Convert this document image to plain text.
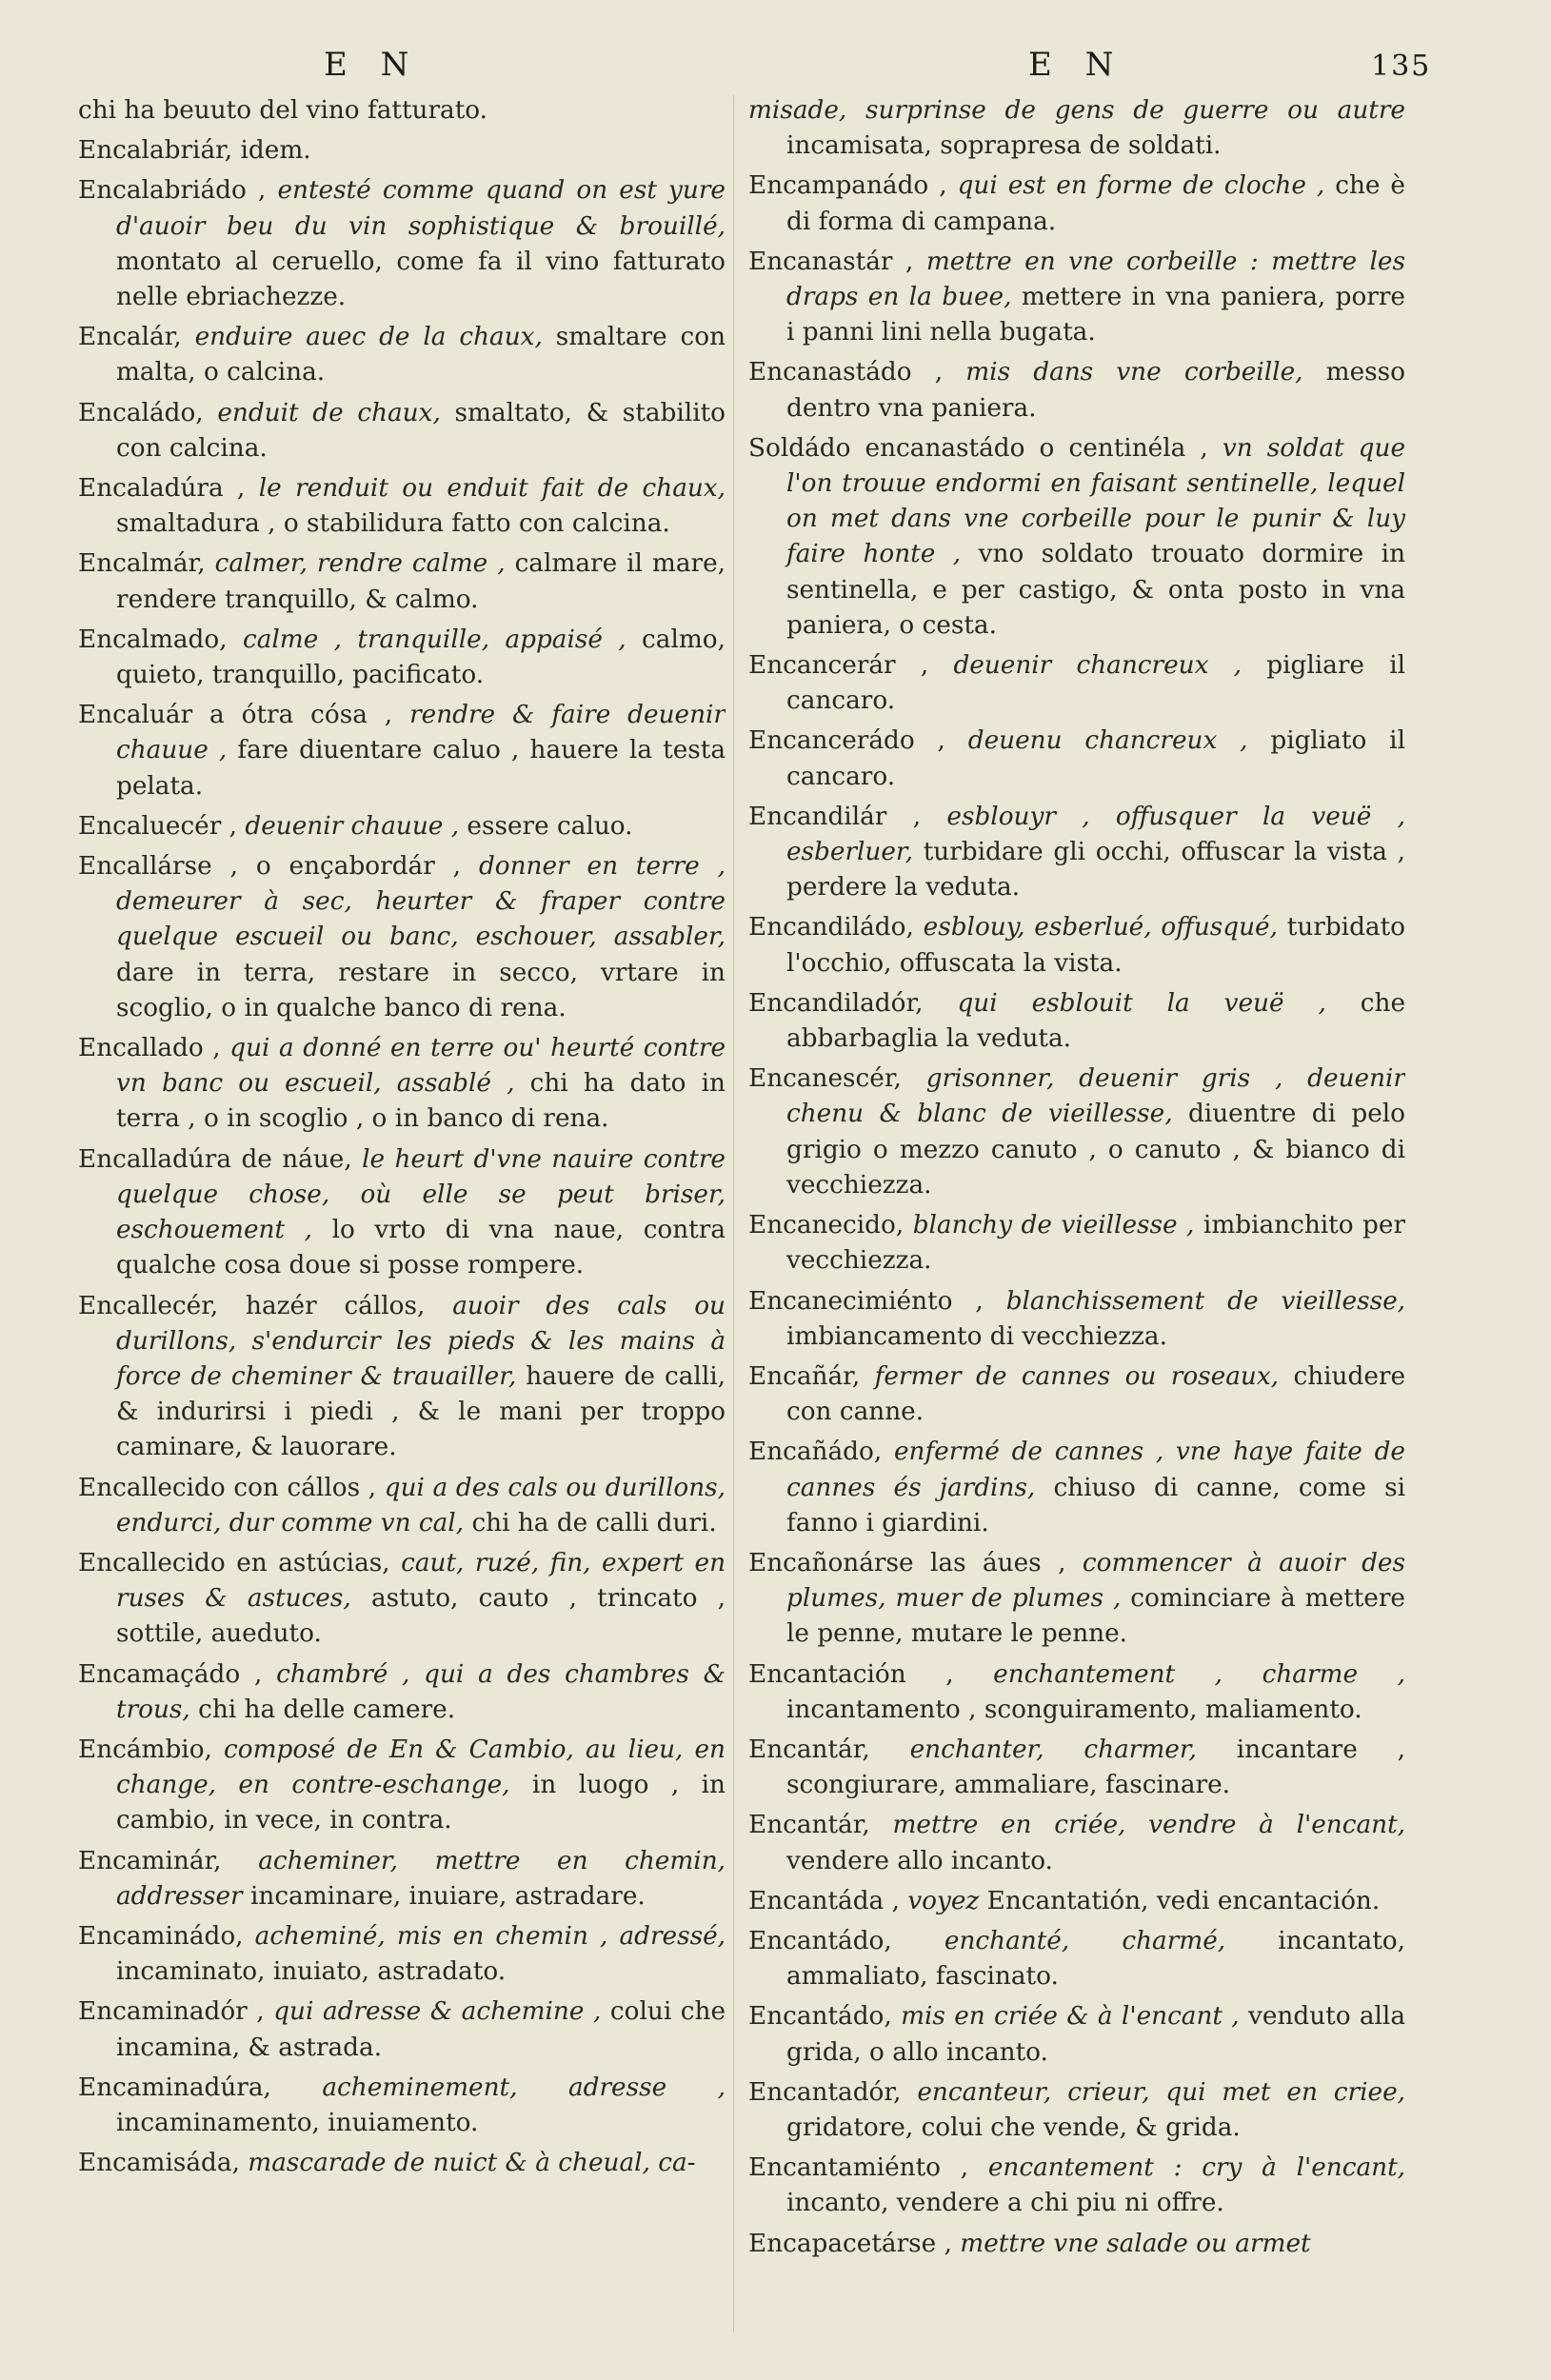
E N	E N	135

chi ha beuuto del vino fatturato.

Encalabriár, idem.

Encalabriádo , entesté comme quand on est yure d'auoir beu du vin sophistique & brouillé, montato al ceruello, come fa il vino fatturato nelle ebriachezze.

Encalár, enduire auec de la chaux, smaltare con malta, o calcina.

Encaládo, enduit de chaux, smaltato, & stabilito con calcina.

Encaladúra , le renduit ou enduit fait de chaux, smaltadura , o stabilidura fatto con calcina.

Encalmár, calmer, rendre calme , calmare il mare, rendere tranquillo, & calmo.

Encalmado, calme , tranquille, appaisé , calmo, quieto, tranquillo, pacificato.

Encaluár a ótra cósa , rendre & faire deuenir chauue , fare diuentare caluo , hauere la testa pelata.

Encaluecér , deuenir chauue , essere caluo.

Encallárse , o ençabordár , donner en terre , demeurer à sec, heurter & fraper contre quelque escueil ou banc, eschouer, assabler, dare in terra, restare in secco, vrtare in scoglio, o in qualche banco di rena.

Encallado , qui a donné en terre ou' heurté contre vn banc ou escueil, assablé , chi ha dato in terra , o in scoglio , o in banco di rena.

Encalladúra de náue, le heurt d'vne nauire contre quelque chose, où elle se peut briser, eschouement , lo vrto di vna naue, contra qualche cosa doue si posse rompere.

Encallecér, hazér cállos, auoir des cals ou durillons, s'endurcir les pieds & les mains à force de cheminer & trauailler, hauere de calli, & indurirsi i piedi , & le mani per troppo caminare, & lauorare.

Encallecido con cállos , qui a des cals ou durillons, endurci, dur comme vn cal, chi ha de calli duri.

Encallecido en astúcias, caut, ruzé, fin, expert en ruses & astuces, astuto, cauto , trincato , sottile, aueduto.

Encamaçádo , chambré , qui a des chambres & trous, chi ha delle camere.

Encámbio, composé de En & Cambio, au lieu, en change, en contre-eschange, in luogo , in cambio, in vece, in contra.

Encaminár, acheminer, mettre en chemin, addresser incaminare, inuiare, astradare.

Encaminádo, acheminé, mis en chemin , adressé, incaminato, inuiato, astradato.

Encaminadór , qui adresse & achemine , colui che incamina, & astrada.

Encaminadúra, acheminement, adresse , incaminamento, inuiamento.

Encamisáda, mascarade de nuict & à cheual, ca-

misade, surprinse de gens de guerre ou autre incamisata, soprapresa de soldati.

Encampanádo , qui est en forme de cloche , che è di forma di campana.

Encanastár , mettre en vne corbeille : mettre les draps en la buee, mettere in vna paniera, porre i panni lini nella bugata.

Encanastádo , mis dans vne corbeille, messo dentro vna paniera.

Soldádo encanastádo o centinéla , vn soldat que l'on trouue endormi en faisant sentinelle, lequel on met dans vne corbeille pour le punir & luy faire honte , vno soldato trouato dormire in sentinella, e per castigo, & onta posto in vna paniera, o cesta.

Encancerár , deuenir chancreux , pigliare il cancaro.

Encancerádo , deuenu chancreux , pigliato il cancaro.

Encandilár , esblouyr , offusquer la veuë , esberluer, turbidare gli occhi, offuscar la vista , perdere la veduta.

Encandiládo, esblouy, esberlué, offusqué, turbidato l'occhio, offuscata la vista.

Encandiladór, qui esblouit la veuë , che abbarbaglia la veduta.

Encanescér, grisonner, deuenir gris , deuenir chenu & blanc de vieillesse, diuentre di pelo grigio o mezzo canuto , o canuto , & bianco di vecchiezza.

Encanecido, blanchy de vieillesse , imbianchito per vecchiezza.

Encanecimiénto , blanchissement de vieillesse, imbiancamento di vecchiezza.

Encañár, fermer de cannes ou roseaux, chiudere con canne.

Encañádo, enfermé de cannes , vne haye faite de cannes és jardins, chiuso di canne, come si fanno i giardini.

Encañonárse las áues , commencer à auoir des plumes, muer de plumes , cominciare à mettere le penne, mutare le penne.

Encantación , enchantement , charme , incantamento , sconguiramento, maliamento.

Encantár, enchanter, charmer, incantare , scongiurare, ammaliare, fascinare.

Encantár, mettre en criée, vendre à l'encant, vendere allo incanto.

Encantáda , voyez Encantatión, vedi encantación.

Encantádo, enchanté, charmé, incantato, ammaliato, fascinato.

Encantádo, mis en criée & à l'encant , venduto alla grida, o allo incanto.

Encantadór, encanteur, crieur, qui met en criee, gridatore, colui che vende, & grida.

Encantamiénto , encantement : cry à l'encant, incanto, vendere a chi piu ni offre.

Encapacetárse , mettre vne salade ou armet
